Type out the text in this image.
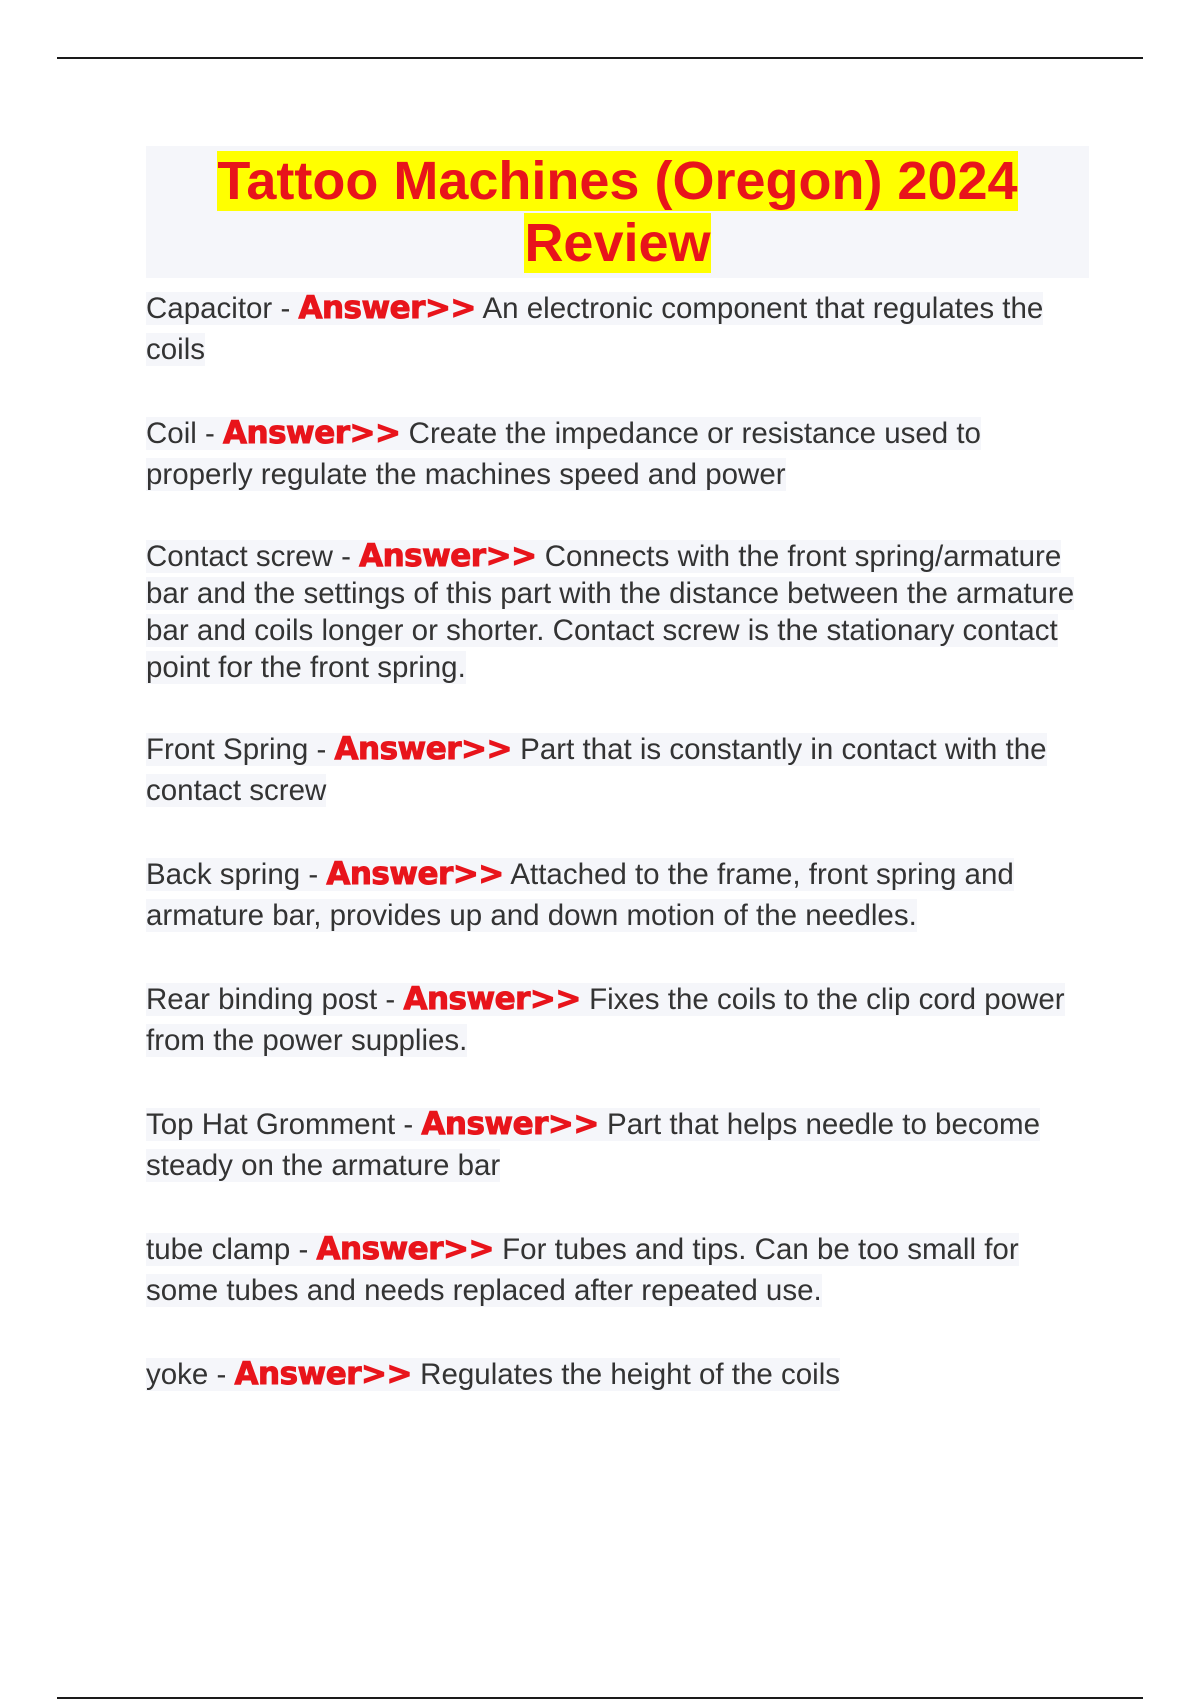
Tattoo Machines (Oregon) 2024
Review

Capacitor - Answer>> An electronic component that regulates the coils

Coil - Answer>> Create the impedance or resistance used to properly regulate the machines speed and power

Contact screw - Answer>> Connects with the front spring/armature bar and the settings of this part with the distance between the armature bar and coils longer or shorter. Contact screw is the stationary contact point for the front spring.

Front Spring - Answer>> Part that is constantly in contact with the contact screw

Back spring - Answer>> Attached to the frame, front spring and armature bar, provides up and down motion of the needles.

Rear binding post - Answer>> Fixes the coils to the clip cord power from the power supplies.

Top Hat Gromment - Answer>> Part that helps needle to become steady on the armature bar

tube clamp - Answer>> For tubes and tips. Can be too small for some tubes and needs replaced after repeated use.

yoke - Answer>> Regulates the height of the coils
